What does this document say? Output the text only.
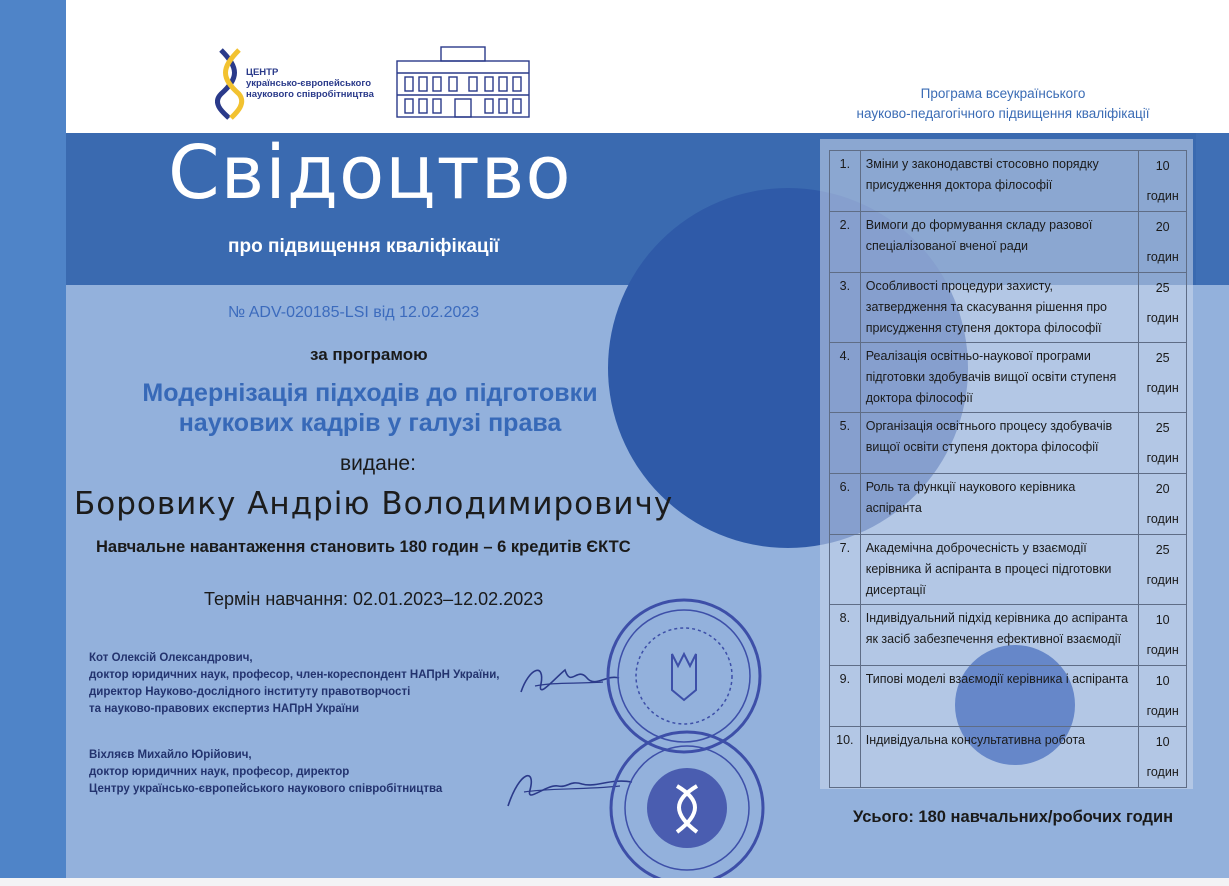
ЦЕНТР
українсько-європейського
наукового співробітництва	Програма всеукраїнського
науково-педагогічного підвищення кваліфікації
Свідоцтво
про підвищення кваліфікації
№ ADV-020185-LSI від 12.02.2023
за програмою
Модернізація підходів до підготовки
наукових кадрів у галузі права
видане:
Боровику Андрію Володимировичу
Навчальне навантаження становить 180 годин – 6 кредитів ЄКТС
Термін навчання: 02.01.2023–12.02.2023
Кот Олексій Олександрович,
доктор юридичних наук, професор, член-кореспондент НАПрН України,
директор Науково-дослідного інституту правотворчості
та науково-правових експертиз НАПрН України
Віхляєв Михайло Юрійович,
доктор юридичних наук, професор, директор
Центру українсько-європейського наукового співробітництва
1.	Зміни у законодавстві стосовно порядку присудження доктора філософії	10
годин

2.	Вимоги до формування складу разової спеціалізованої вченої ради	20
годин

3.	Особливості процедури захисту, затвердження та скасування рішення про присудження ступеня доктора філософії	25
годин

4.	Реалізація освітньо-наукової програми підготовки здобувачів вищої освіти ступеня доктора філософії	25
годин

5.	Організація освітнього процесу здобувачів вищої освіти ступеня доктора філософії	25
годин

6.	Роль та функції наукового керівника аспіранта	20
годин

7.	Академічна доброчесність у взаємодії керівника й аспіранта в процесі підготовки дисертації	25
годин

8.	Індивідуальний підхід керівника до аспіранта як засіб забезпечення ефективної взаємодії	10
годин

9.	Типові моделі взаємодії керівника і аспіранта	10
годин

10.	Індивідуальна консультативна робота	10
годин
Усього: 180 навчальних/робочих годин
